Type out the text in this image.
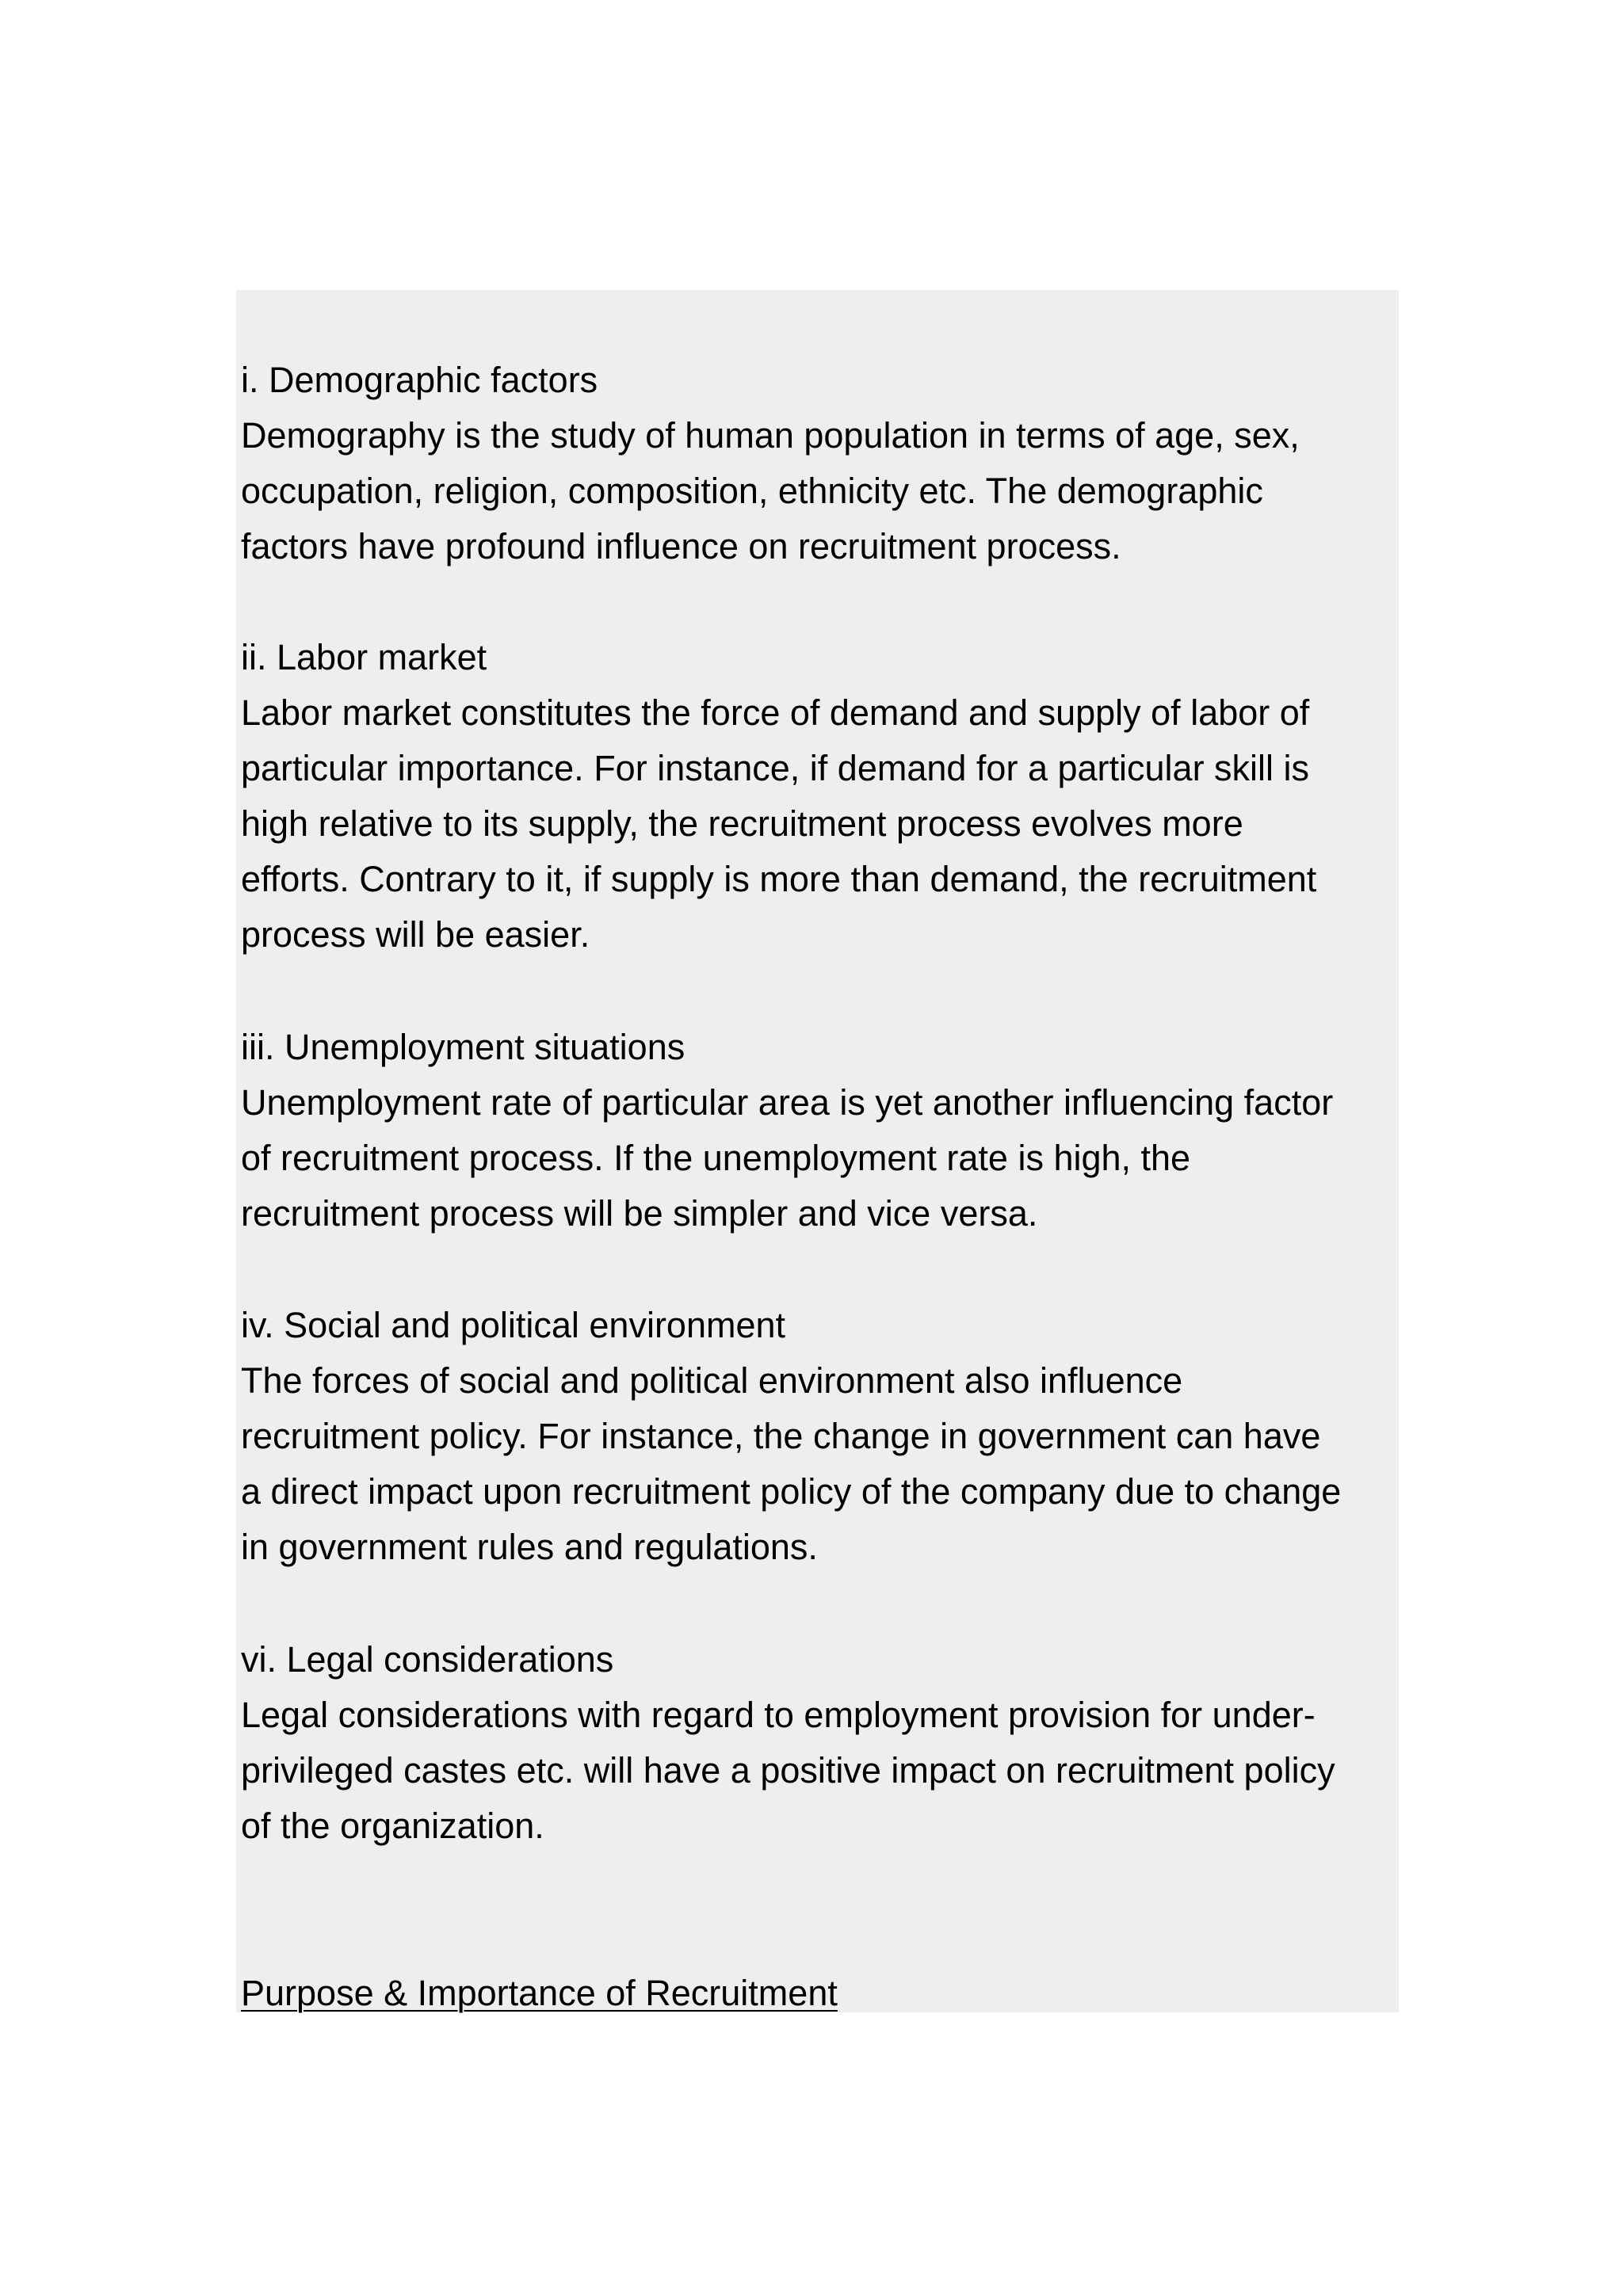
i. Demographic factors

Demography is the study of human population in terms of age, sex,

occupation, religion, composition, ethnicity etc. The demographic

factors have profound influence on recruitment process.

ii. Labor market

Labor market constitutes the force of demand and supply of labor of

particular importance. For instance, if demand for a particular skill is

high relative to its supply, the recruitment process evolves more

efforts. Contrary to it, if supply is more than demand, the recruitment

process will be easier.

iii. Unemployment situations

Unemployment rate of particular area is yet another influencing factor

of recruitment process. If the unemployment rate is high, the

recruitment process will be simpler and vice versa.

iv. Social and political environment

The forces of social and political environment also influence

recruitment policy. For instance, the change in government can have

a direct impact upon recruitment policy of the company due to change

in government rules and regulations.

vi. Legal considerations

Legal considerations with regard to employment provision for under-

privileged castes etc. will have a positive impact on recruitment policy

of the organization.

Purpose & Importance of Recruitment
